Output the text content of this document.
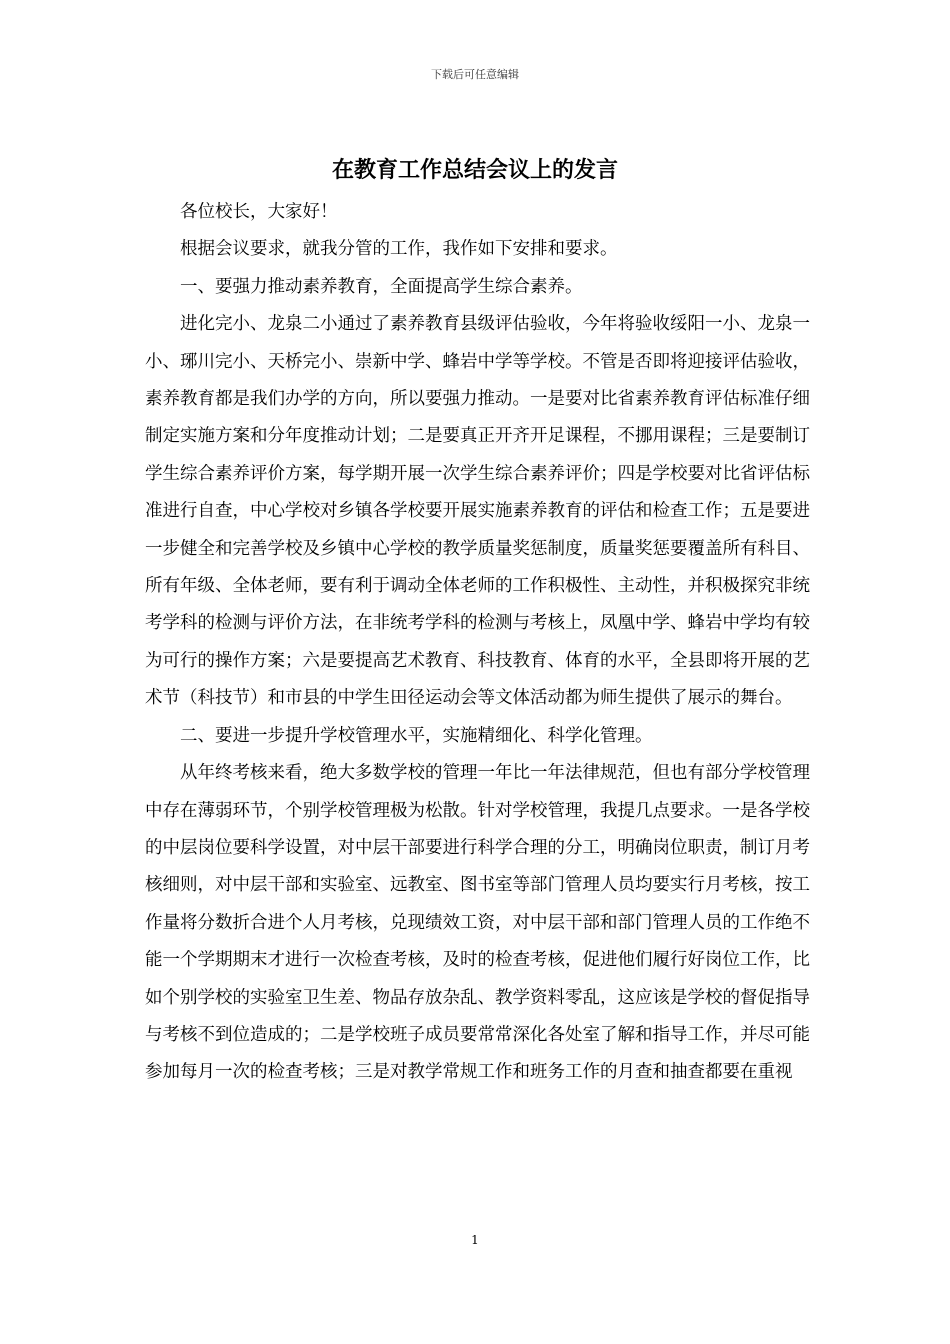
下载后可任意编辑
在教育工作总结会议上的发言

各位校长，大家好！

根据会议要求，就我分管的工作，我作如下安排和要求。

一、要强力推动素养教育，全面提高学生综合素养。

进化完小、龙泉二小通过了素养教育县级评估验收，今年将验收绥阳一小、龙泉一小、琊川完小、天桥完小、崇新中学、蜂岩中学等学校。不管是否即将迎接评估验收，素养教育都是我们办学的方向，所以要强力推动。一是要对比省素养教育评估标准仔细制定实施方案和分年度推动计划；二是要真正开齐开足课程，不挪用课程；三是要制订学生综合素养评价方案，每学期开展一次学生综合素养评价；四是学校要对比省评估标准进行自查，中心学校对乡镇各学校要开展实施素养教育的评估和检查工作；五是要进一步健全和完善学校及乡镇中心学校的教学质量奖惩制度，质量奖惩要覆盖所有科目、所有年级、全体老师，要有利于调动全体老师的工作积极性、主动性，并积极探究非统考学科的检测与评价方法，在非统考学科的检测与考核上，凤凰中学、蜂岩中学均有较为可行的操作方案；六是要提高艺术教育、科技教育、体育的水平，全县即将开展的艺术节（科技节）和市县的中学生田径运动会等文体活动都为师生提供了展示的舞台。

二、要进一步提升学校管理水平，实施精细化、科学化管理。

从年终考核来看，绝大多数学校的管理一年比一年法律规范，但也有部分学校管理中存在薄弱环节，个别学校管理极为松散。针对学校管理，我提几点要求。一是各学校的中层岗位要科学设置，对中层干部要进行科学合理的分工，明确岗位职责，制订月考核细则，对中层干部和实验室、远教室、图书室等部门管理人员均要实行月考核，按工作量将分数折合进个人月考核，兑现绩效工资，对中层干部和部门管理人员的工作绝不能一个学期期末才进行一次检查考核，及时的检查考核，促进他们履行好岗位工作，比如个别学校的实验室卫生差、物品存放杂乱、教学资料零乱，这应该是学校的督促指导与考核不到位造成的；二是学校班子成员要常常深化各处室了解和指导工作，并尽可能参加每月一次的检查考核；三是对教学常规工作和班务工作的月查和抽查都要在重视

1
